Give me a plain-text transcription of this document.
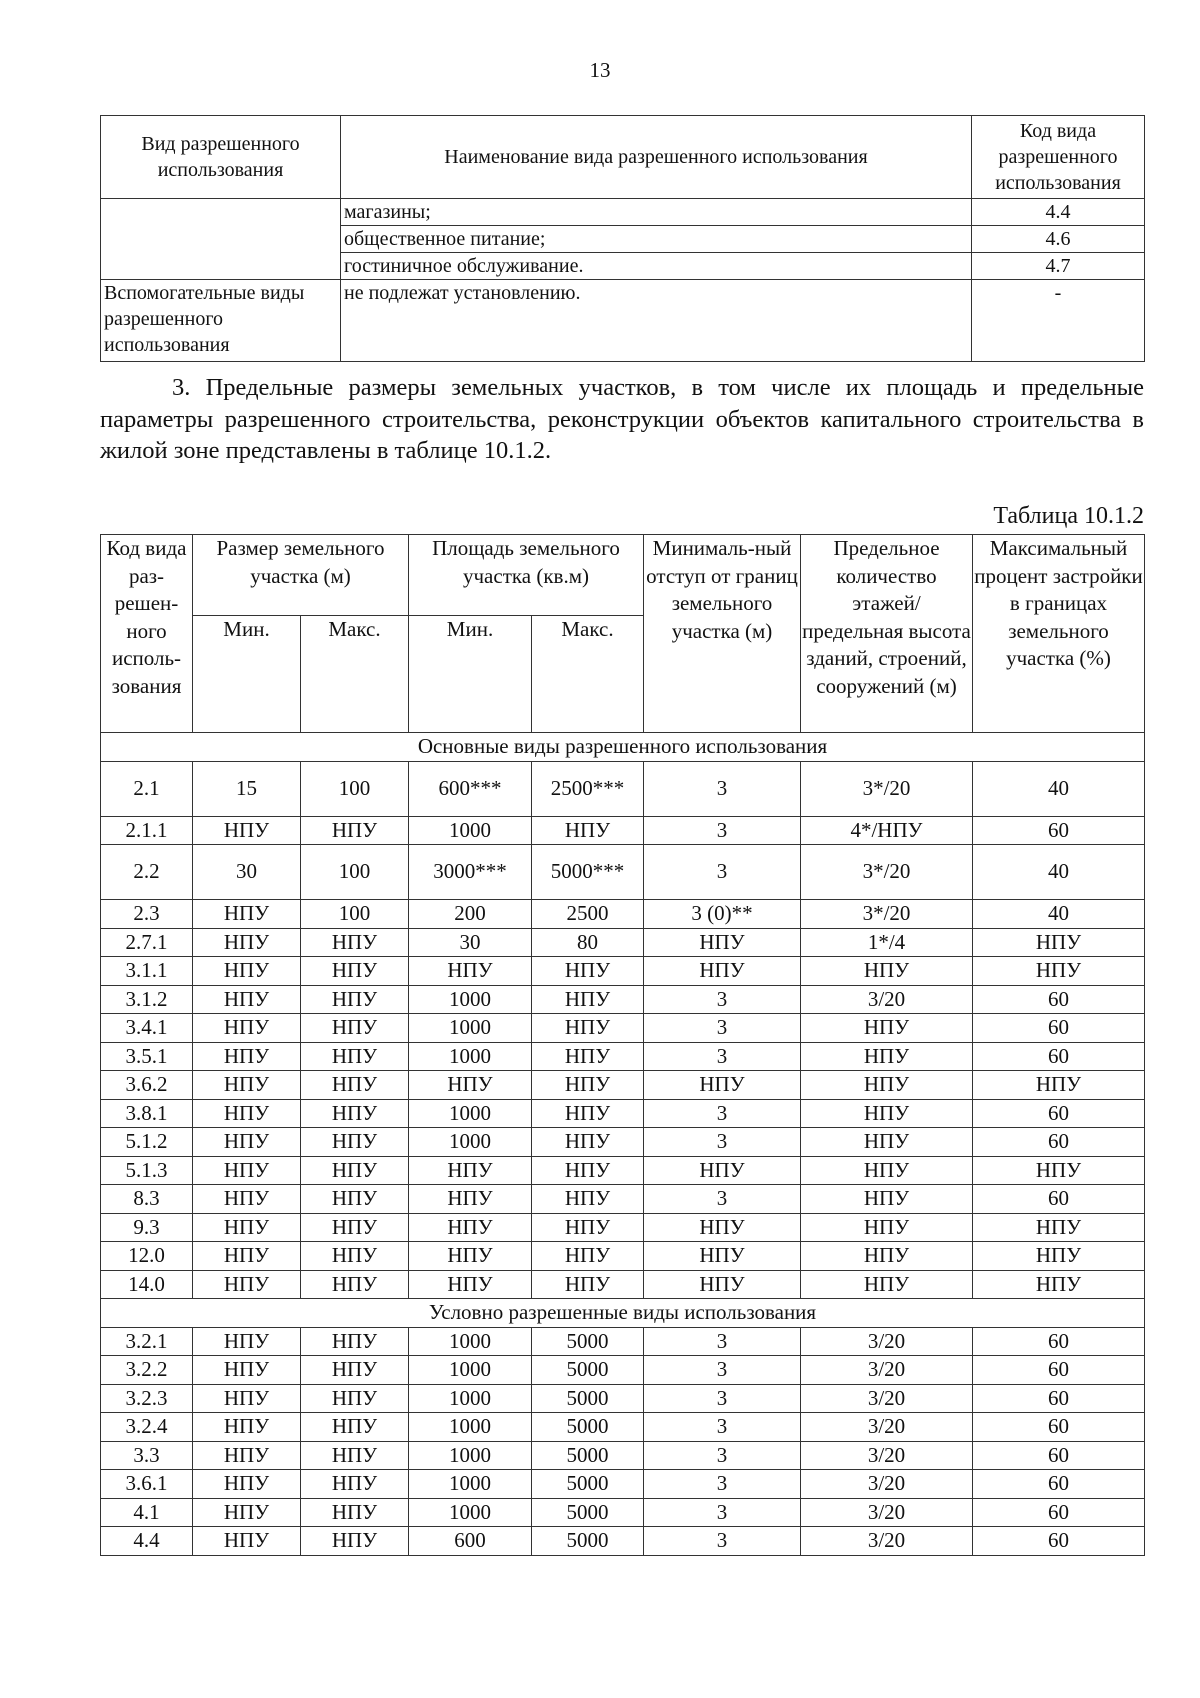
13
Вид разрешенного использования	Наименование вида разрешенного использования	Код вида разрешенного использования
	магазины;	4.4
	общественное питание;	4.6
	гостиничное обслуживание.	4.7
Вспомогательные виды разрешенного использования	не подлежат установлению.	-

3. Предельные размеры земельных участков, в том числе их площадь и предельные параметры разрешенного строительства, реконструкции объектов капитального строительства в жилой зоне представлены в таблице 10.1.2.

Таблица 10.1.2
Код вида раз-решен-ного исполь-зования	Размер земельного участка (м)		Площадь земельного участка (кв.м)		Минималь-ный отступ от границ земельного участка (м)	Предельное количество этажей/ предельная высота зданий, строений, сооружений (м)	Максимальный процент застройки в границах земельного участка (%)
	Мин.	Макс.	Мин.	Макс.			
Основные виды разрешенного использования							
2.1	15	100	600***	2500***	3	3*/20	40
2.1.1	НПУ	НПУ	1000	НПУ	3	4*/НПУ	60
2.2	30	100	3000***	5000***	3	3*/20	40
2.3	НПУ	100	200	2500	3 (0)**	3*/20	40
2.7.1	НПУ	НПУ	30	80	НПУ	1*/4	НПУ
3.1.1	НПУ	НПУ	НПУ	НПУ	НПУ	НПУ	НПУ
3.1.2	НПУ	НПУ	1000	НПУ	3	3/20	60
3.4.1	НПУ	НПУ	1000	НПУ	3	НПУ	60
3.5.1	НПУ	НПУ	1000	НПУ	3	НПУ	60
3.6.2	НПУ	НПУ	НПУ	НПУ	НПУ	НПУ	НПУ
3.8.1	НПУ	НПУ	1000	НПУ	3	НПУ	60
5.1.2	НПУ	НПУ	1000	НПУ	3	НПУ	60
5.1.3	НПУ	НПУ	НПУ	НПУ	НПУ	НПУ	НПУ
8.3	НПУ	НПУ	НПУ	НПУ	3	НПУ	60
9.3	НПУ	НПУ	НПУ	НПУ	НПУ	НПУ	НПУ
12.0	НПУ	НПУ	НПУ	НПУ	НПУ	НПУ	НПУ
14.0	НПУ	НПУ	НПУ	НПУ	НПУ	НПУ	НПУ
Условно разрешенные виды использования							
3.2.1	НПУ	НПУ	1000	5000	3	3/20	60
3.2.2	НПУ	НПУ	1000	5000	3	3/20	60
3.2.3	НПУ	НПУ	1000	5000	3	3/20	60
3.2.4	НПУ	НПУ	1000	5000	3	3/20	60
3.3	НПУ	НПУ	1000	5000	3	3/20	60
3.6.1	НПУ	НПУ	1000	5000	3	3/20	60
4.1	НПУ	НПУ	1000	5000	3	3/20	60
4.4	НПУ	НПУ	600	5000	3	3/20	60
